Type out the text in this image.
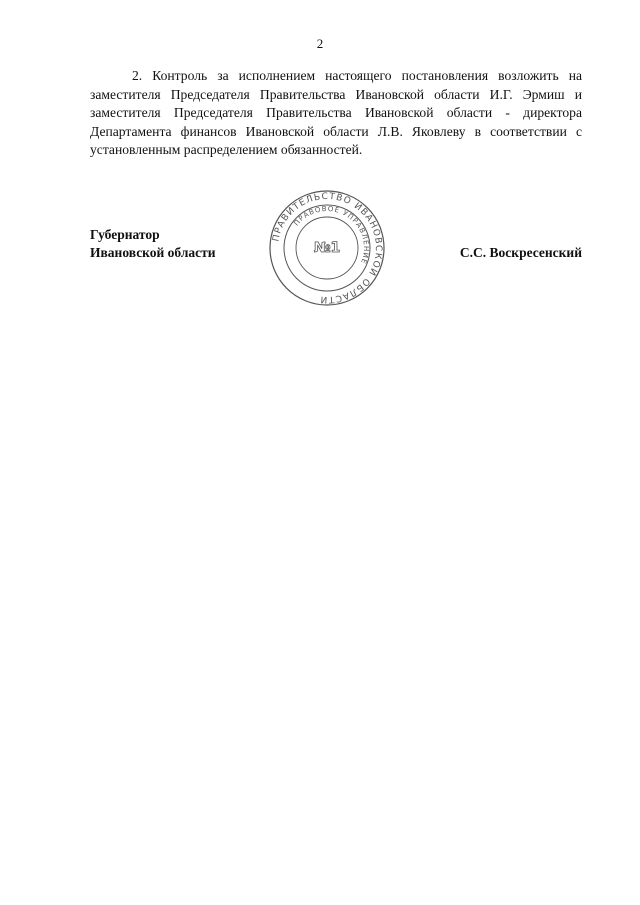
2

2. Контроль за исполнением настоящего постановления возложить на заместителя Председателя Правительства Ивановской области И.Г. Эрмиш и заместителя Председателя Правительства Ивановской области - директора Департамента финансов Ивановской области Л.В. Яковлеву в соответствии с установленным распределением обязанностей.

Губернатор
Ивановской области
ПРАВИТЕЛЬСТВО ИВАНОВСКОЙ ОБЛАСТИ
ПРАВОВОЕ УПРАВЛЕНИЕ
№1	С.С. Воскресенский
